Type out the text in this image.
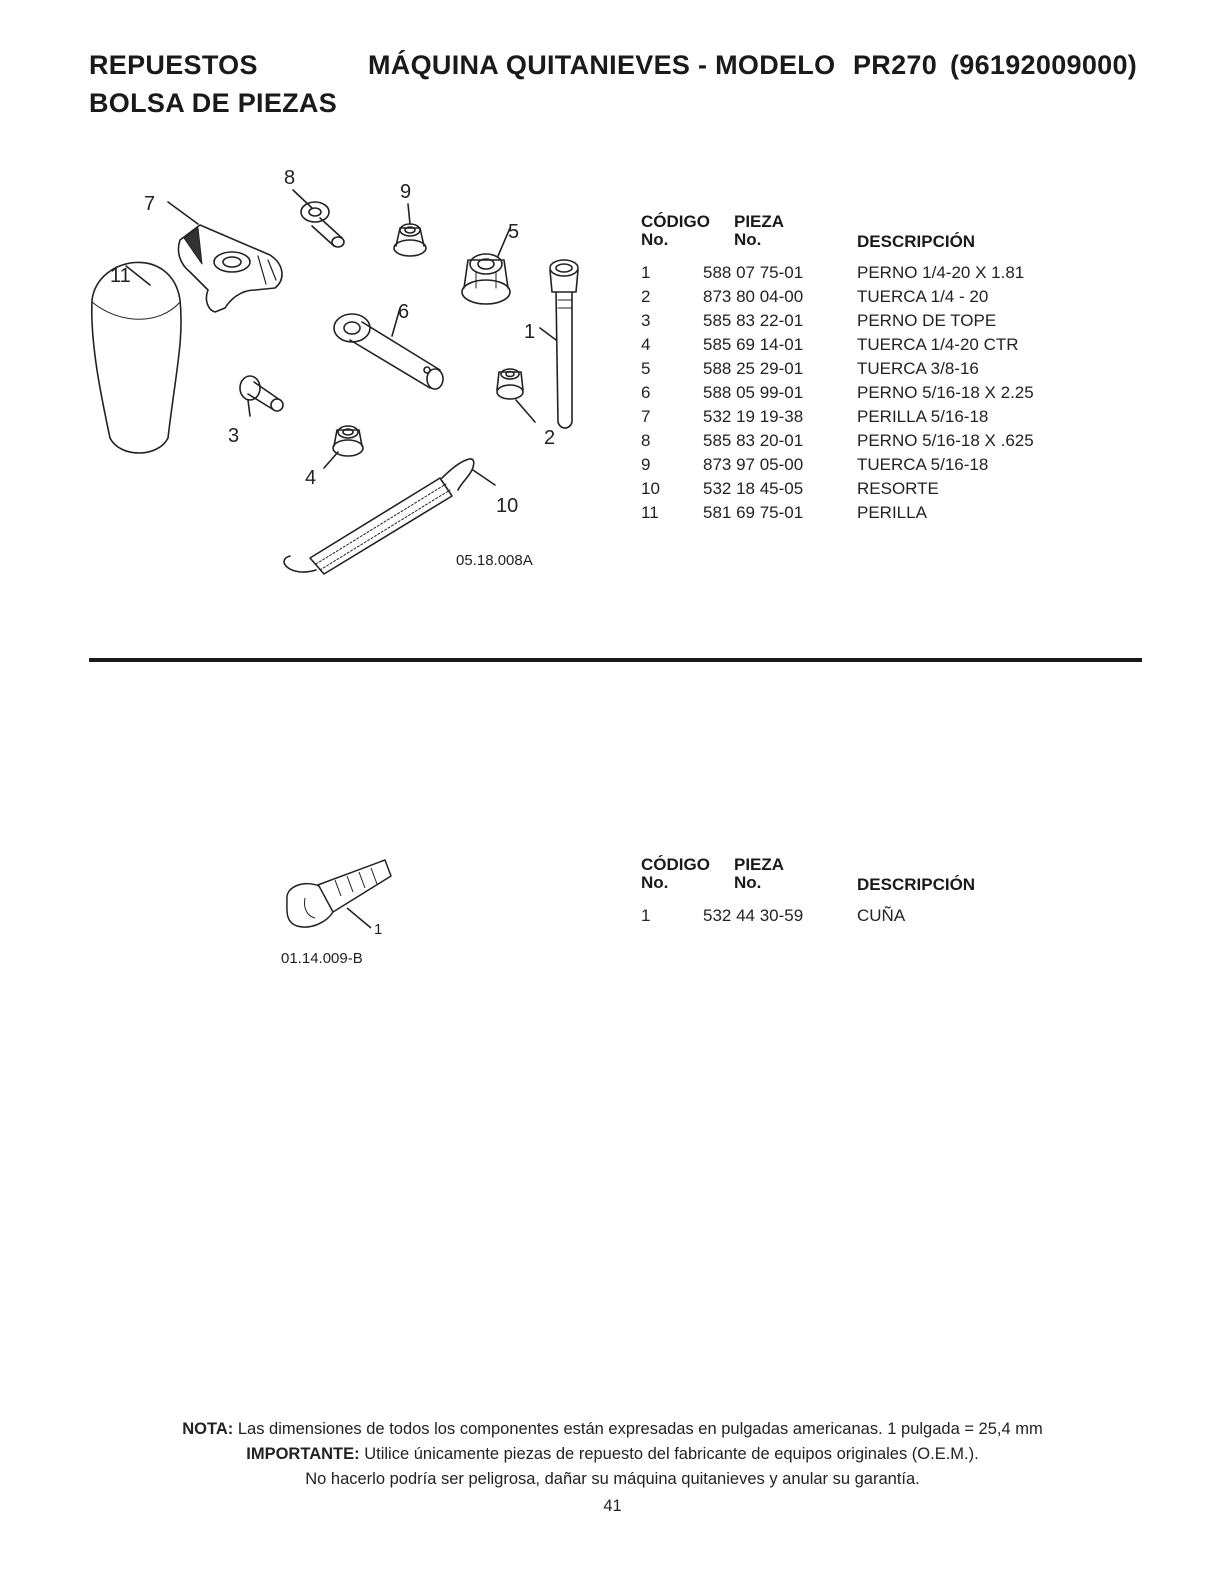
REPUESTOS	MÁQUINA QUITANIEVES - MODELO PR270 (96192009000)
BOLSA DE PIEZAS
11
7
8
9
5
1
6
3	2
4
10
05.18.008A
CÓDIGO
No.
PIEZA
No.	DESCRIPCIÓN
1	588 07 75-01	PERNO 1/4-20 X 1.81
2	873 80 04-00	TUERCA 1/4 - 20
3	585 83 22-01	PERNO DE TOPE
4	585 69 14-01	TUERCA 1/4-20 CTR
5	588 25 29-01	TUERCA 3/8-16
6	588 05 99-01	PERNO 5/16-18 X 2.25
7	532 19 19-38	PERILLA 5/16-18
8	585 83 20-01	PERNO 5/16-18 X .625
9	873 97 05-00	TUERCA 5/16-18
10	532 18 45-05	RESORTE
11	581 69 75-01	PERILLA
1
01.14.009-B
CÓDIGO
No.
PIEZA
No.	DESCRIPCIÓN
1	532 44 30-59	CUÑA
NOTA: Las dimensiones de todos los componentes están expresadas en pulgadas americanas. 1 pulgada = 25,4 mm
IMPORTANTE: Utilice únicamente piezas de repuesto del fabricante de equipos originales (O.E.M.).
No hacerlo podría ser peligrosa, dañar su máquina quitanieves y anular su garantía.
41
